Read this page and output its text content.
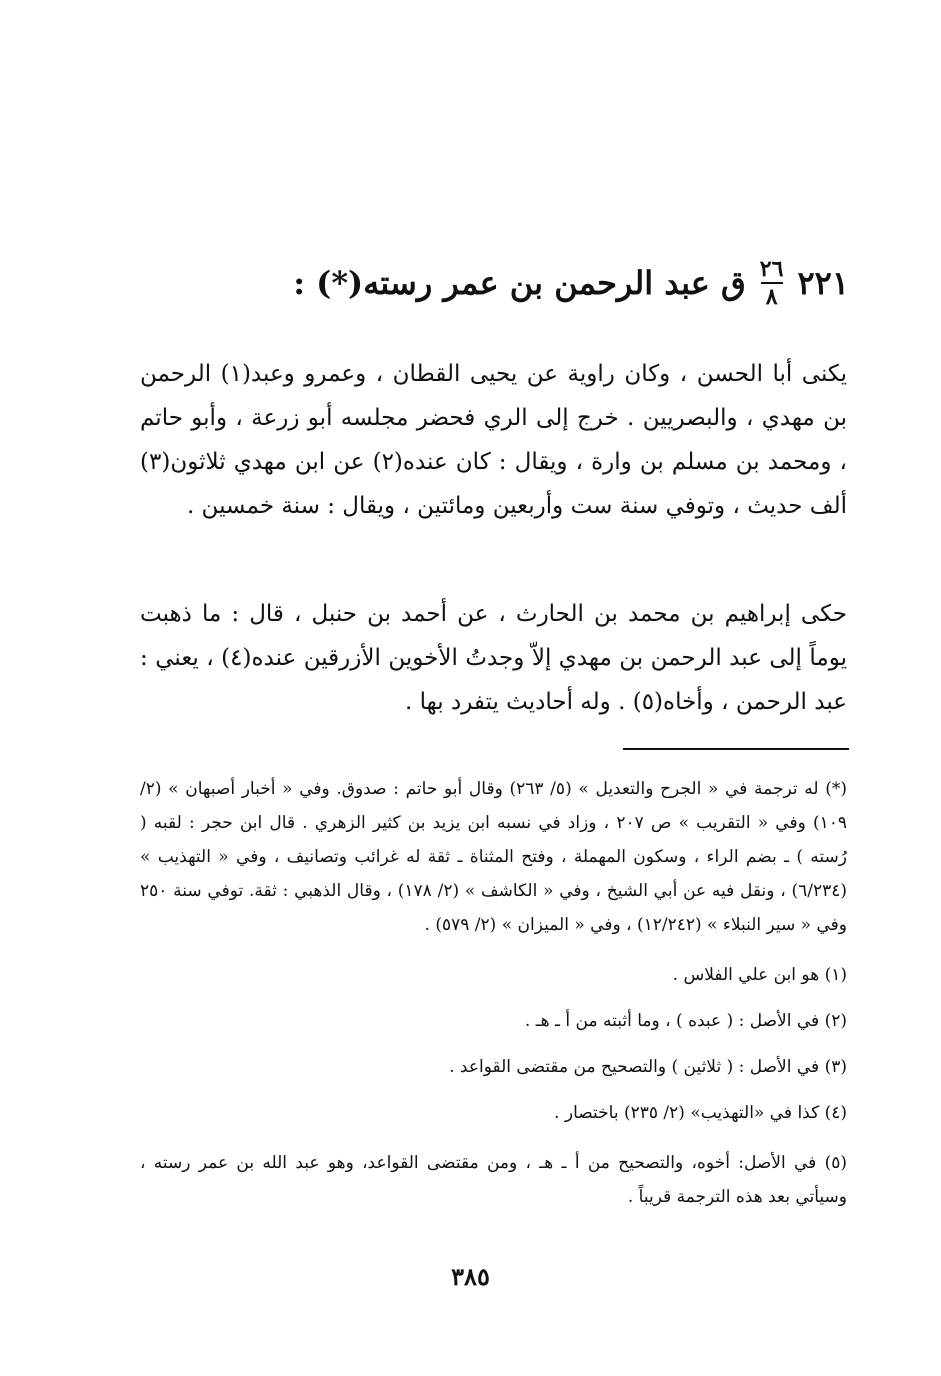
٢٢١
$\frac{٢٦}{٨}$
ق عبد الرحمن بن عمر رسته(*) :
يكنى أبا الحسن ، وكان راوية عن يحيى القطان ، وعمرو وعبد(١) الرحمن بن مهدي ، والبصريين . خرج إلى الري فحضر مجلسه أبو زرعة ، وأبو حاتم ، ومحمد بن مسلم بن وارة ، ويقال : كان عنده(٢) عن ابن مهدي ثلاثون(٣) ألف حديث ، وتوفي سنة ست وأربعين ومائتين ، ويقال : سنة خمسين .
حكى إبراهيم بن محمد بن الحارث ، عن أحمد بن حنبل ، قال : ما ذهبت يوماً إلى عبد الرحمن بن مهدي إلاّ وجدتُ الأخوين الأزرقين عنده(٤) ، يعني : عبد الرحمن ، وأخاه(٥) . وله أحاديث يتفرد بها .
(*) له ترجمة في « الجرح والتعديل » (٥/ ٢٦٣) وقال أبو حاتم : صدوق. وفي « أخبار أصبهان » (٢/ ١٠٩) وفي « التقريب » ص ٢٠٧ ، وزاد في نسبه ابن يزيد بن كثير الزهري . قال ابن حجر : لقبه ( رُسته ) ـ بضم الراء ، وسكون المهملة ، وفتح المثناة ـ ثقة له غرائب وتصانيف ، وفي « التهذيب » (٦/٢٣٤) ، ونقل فيه عن أبي الشيخ ، وفي « الكاشف » (٢/ ١٧٨) ، وقال الذهبي : ثقة. توفي سنة ٢٥٠ وفي « سير النبلاء » (١٢/٢٤٢) ، وفي « الميزان » (٢/ ٥٧٩) .
(١) هو ابن علي الفلاس .
(٢) في الأصل : ( عبده ) ، وما أثبته من أ ـ هـ .
(٣) في الأصل : ( ثلاثين ) والتصحيح من مقتضى القواعد .
(٤) كذا في «التهذيب» (٢/ ٢٣٥) باختصار .
(٥) في الأصل: أخوه، والتصحيح من أ ـ هـ ، ومن مقتضى القواعد، وهو عبد الله بن عمر رسته ، وسيأتي بعد هذه الترجمة قريباً .
٣٨٥
